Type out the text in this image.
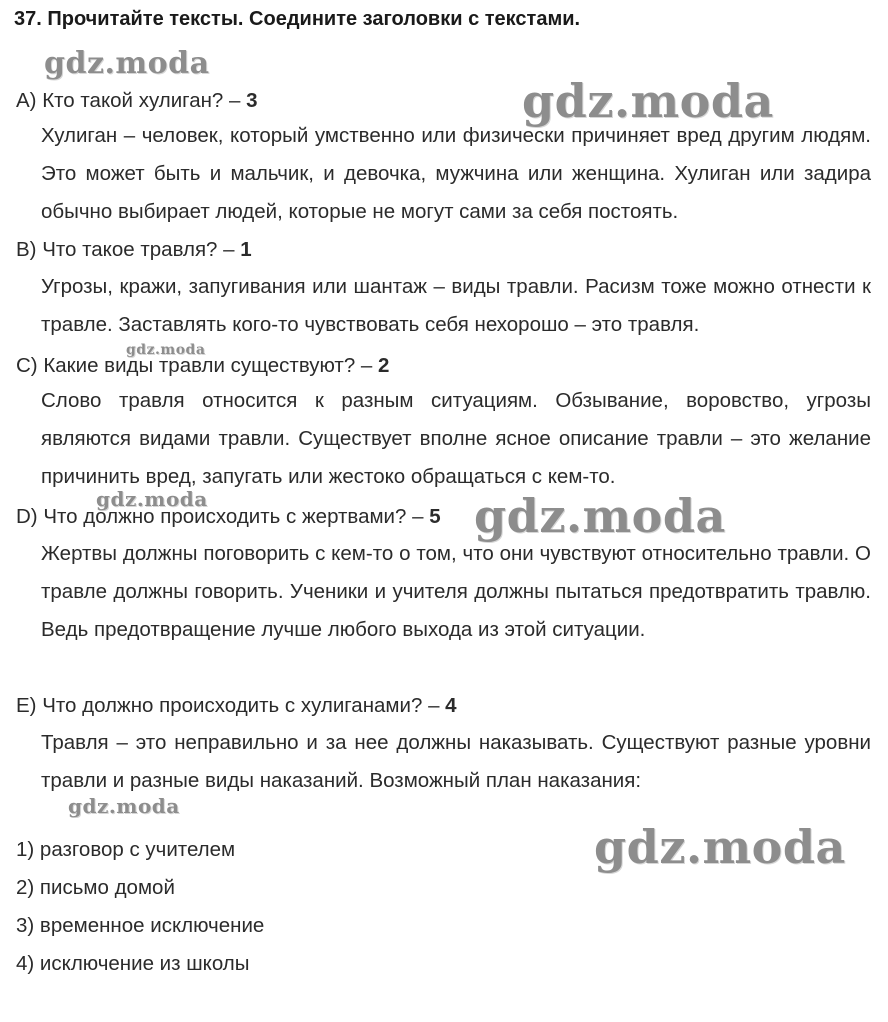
37. Прочитайте тексты. Соедините заголовки с текстами.
А) Кто такой хулиган? – 3
Хулиган – человек, который умственно или физически причиняет вред другим людям. Это может быть и мальчик, и девочка, мужчина или женщина. Хулиган или задира обычно выбирает людей, которые не могут сами за себя постоять.
В) Что такое травля? – 1
Угрозы, кражи, запугивания или шантаж – виды травли. Расизм тоже можно отнести к травле. Заставлять кого-то чувствовать себя нехорошо – это травля.
С) Какие виды травли существуют? – 2
Слово травля относится к разным ситуациям. Обзывание, воровство, угрозы являются видами травли. Существует вполне ясное описание травли – это желание причинить вред, запугать или жестоко обращаться с кем-то.
D) Что должно происходить с жертвами? – 5
Жертвы должны поговорить с кем-то о том, что они чувствуют относительно травли. О травле должны говорить. Ученики и учителя должны пытаться предотвратить травлю. Ведь предотвращение лучше любого выхода из этой ситуации.
Е) Что должно происходить с хулиганами? – 4
Травля – это неправильно и за нее должны наказывать. Существуют разные уровни травли и разные виды наказаний. Возможный план наказания:
1) разговор с учителем
2) письмо домой
3) временное исключение
4) исключение из школы
gdz.moda
gdz.moda
gdz.moda
gdz.moda	gdz.moda
gdz.moda
gdz.moda
